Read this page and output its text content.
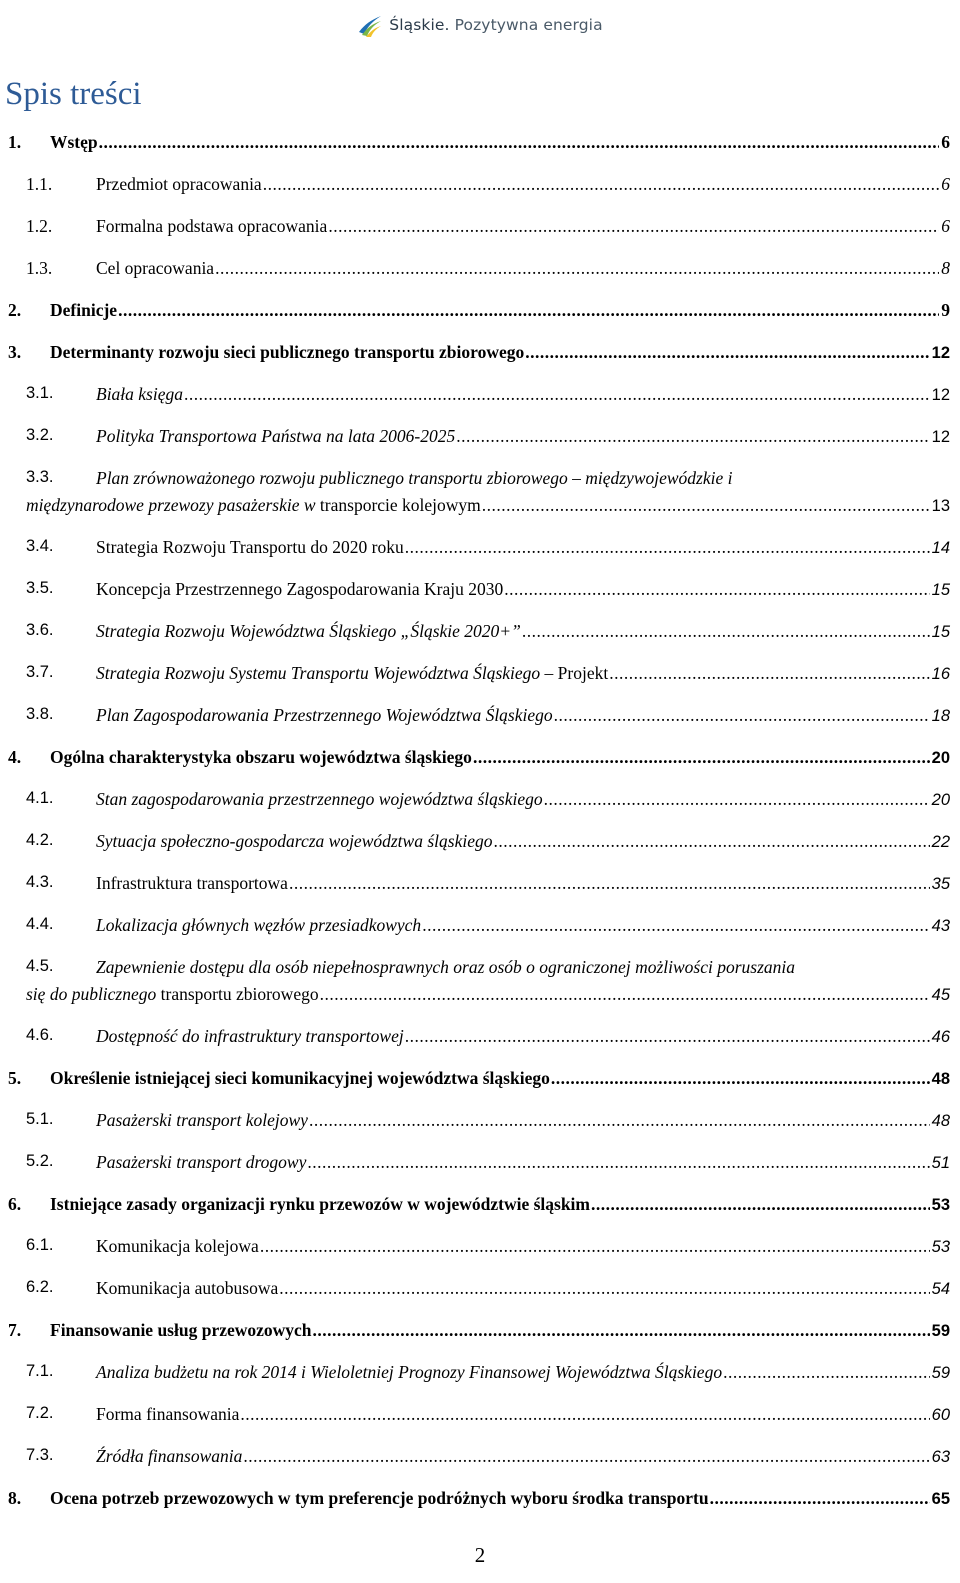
Śląskie. Pozytywna energia
Spis treści
1. Wstęp .....	6
1.1.	Przedmiot opracowania .....	6
1.2.	Formalna podstawa opracowania .....	6
1.3.	Cel opracowania .....	8
2. Definicje .....	9
3. Determinanty rozwoju sieci publicznego transportu zbiorowego .....	12
3.1. Biała księga .....	12
3.2. Polityka Transportowa Państwa na lata 2006-2025 .....	12
3.3. Plan zrównoważonego rozwoju publicznego transportu zbiorowego – międzywojewódzkie i
międzynarodowe przewozy pasażerskie w transporcie kolejowym .....	13
3.4. Strategia Rozwoju Transportu do 2020 roku .....	14
3.5. Koncepcja Przestrzennego Zagospodarowania Kraju 2030 .....	15
3.6. Strategia Rozwoju Województwa Śląskiego „Śląskie 2020+” .....	15
3.7. Strategia Rozwoju Systemu Transportu Województwa Śląskiego – Projekt .....	16
3.8. Plan Zagospodarowania Przestrzennego Województwa Śląskiego .....	18
4. Ogólna charakterystyka obszaru województwa śląskiego .....	20
4.1. Stan zagospodarowania przestrzennego województwa śląskiego .....	20
4.2. Sytuacja społeczno-gospodarcza województwa śląskiego .....	22
4.3. Infrastruktura transportowa .....	35
4.4. Lokalizacja głównych węzłów przesiadkowych .....	43
4.5. Zapewnienie dostępu dla osób niepełnosprawnych oraz osób o ograniczonej możliwości poruszania
się do publicznego transportu zbiorowego .....	45
4.6. Dostępność do infrastruktury transportowej .....	46
5. Określenie istniejącej sieci komunikacyjnej województwa śląskiego .....	48
5.1. Pasażerski transport kolejowy .....	48
5.2. Pasażerski transport drogowy .....	51
6. Istniejące zasady organizacji rynku przewozów w województwie śląskim .....	53
6.1. Komunikacja kolejowa .....	53
6.2. Komunikacja autobusowa .....	54
7. Finansowanie usług przewozowych .....	59
7.1. Analiza budżetu na rok 2014 i Wieloletniej Prognozy Finansowej Województwa Śląskiego .....	59
7.2. Forma finansowania .....	60
7.3. Źródła finansowania .....	63
8. Ocena potrzeb przewozowych w tym preferencje podróżnych wyboru środka transportu .....	65
2
